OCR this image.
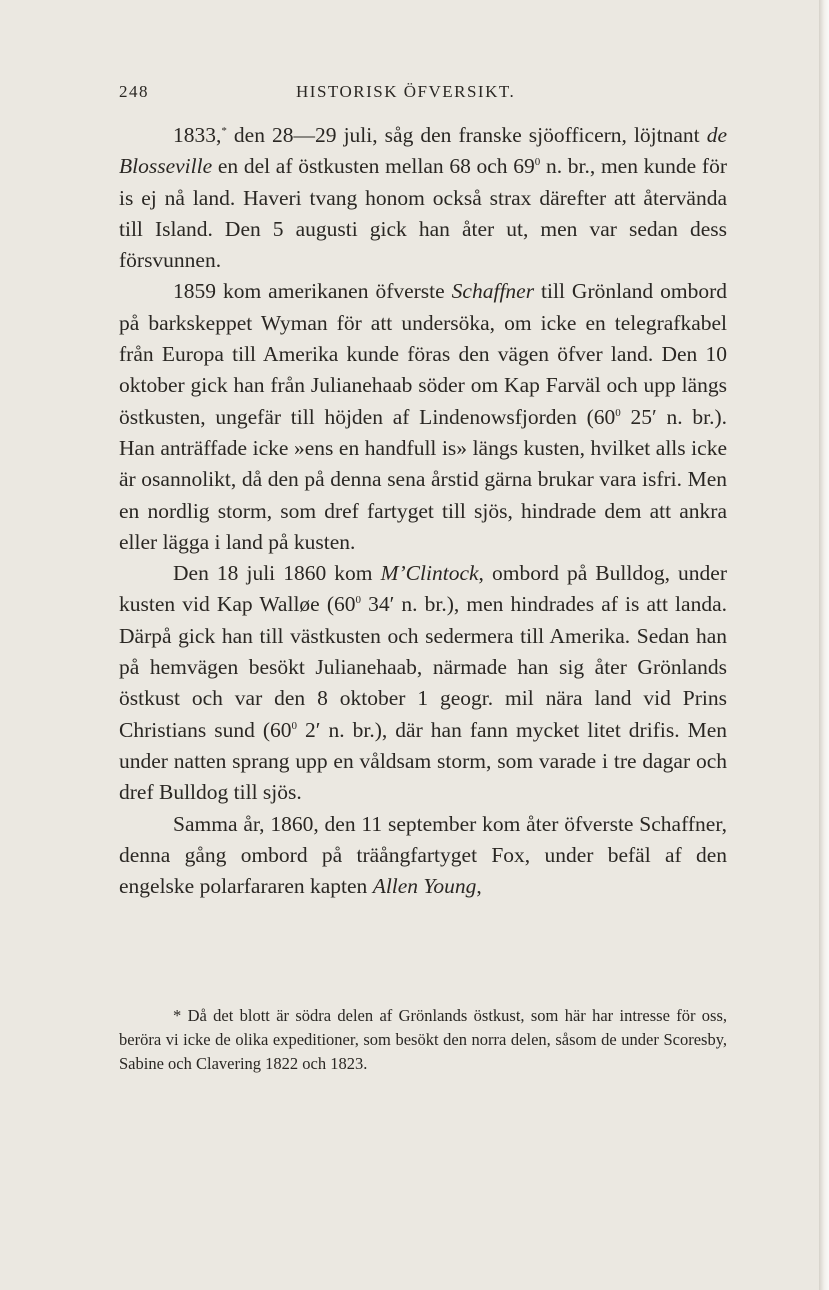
248	HISTORISK ÖFVERSIKT.

1833,* den 28—29 juli, såg den franske sjöofficern, löjtnant de Blosseville en del af östkusten mellan 68 och $69^0$ n. br., men kunde för is ej nå land. Haveri tvang honom också strax därefter att återvända till Island. Den 5 augusti gick han åter ut, men var sedan dess försvunnen.

1859 kom amerikanen öfverste Schaffner till Grönland ombord på barkskeppet Wyman för att undersöka, om icke en telegrafkabel från Europa till Amerika kunde föras den vägen öfver land. Den 10 oktober gick han från Julianehaab söder om Kap Farväl och upp längs östkusten, ungefär till höjden af Lindenowsfjorden ($60^0$ 25′ n. br.). Han anträffade icke »ens en handfull is» längs kusten, hvilket alls icke är osannolikt, då den på denna sena årstid gärna brukar vara isfri. Men en nordlig storm, som dref fartyget till sjös, hindrade dem att ankra eller lägga i land på kusten.

Den 18 juli 1860 kom M’Clintock, ombord på Bulldog, under kusten vid Kap Walløe ($60^0$ 34′ n. br.), men hindrades af is att landa. Därpå gick han till västkusten och sedermera till Amerika. Sedan han på hemvägen besökt Julianehaab, närmade han sig åter Grönlands östkust och var den 8 oktober 1 geogr. mil nära land vid Prins Christians sund ($60^0$ 2′ n. br.), där han fann mycket litet drifis. Men under natten sprang upp en våldsam storm, som varade i tre dagar och dref Bulldog till sjös.

Samma år, 1860, den 11 september kom åter öfverste Schaffner, denna gång ombord på träångfartyget Fox, under befäl af den engelske polarfararen kapten Allen Young,

* Då det blott är södra delen af Grönlands östkust, som här har intresse för oss, beröra vi icke de olika expeditioner, som besökt den norra delen, såsom de under Scoresby, Sabine och Clavering 1822 och 1823.
